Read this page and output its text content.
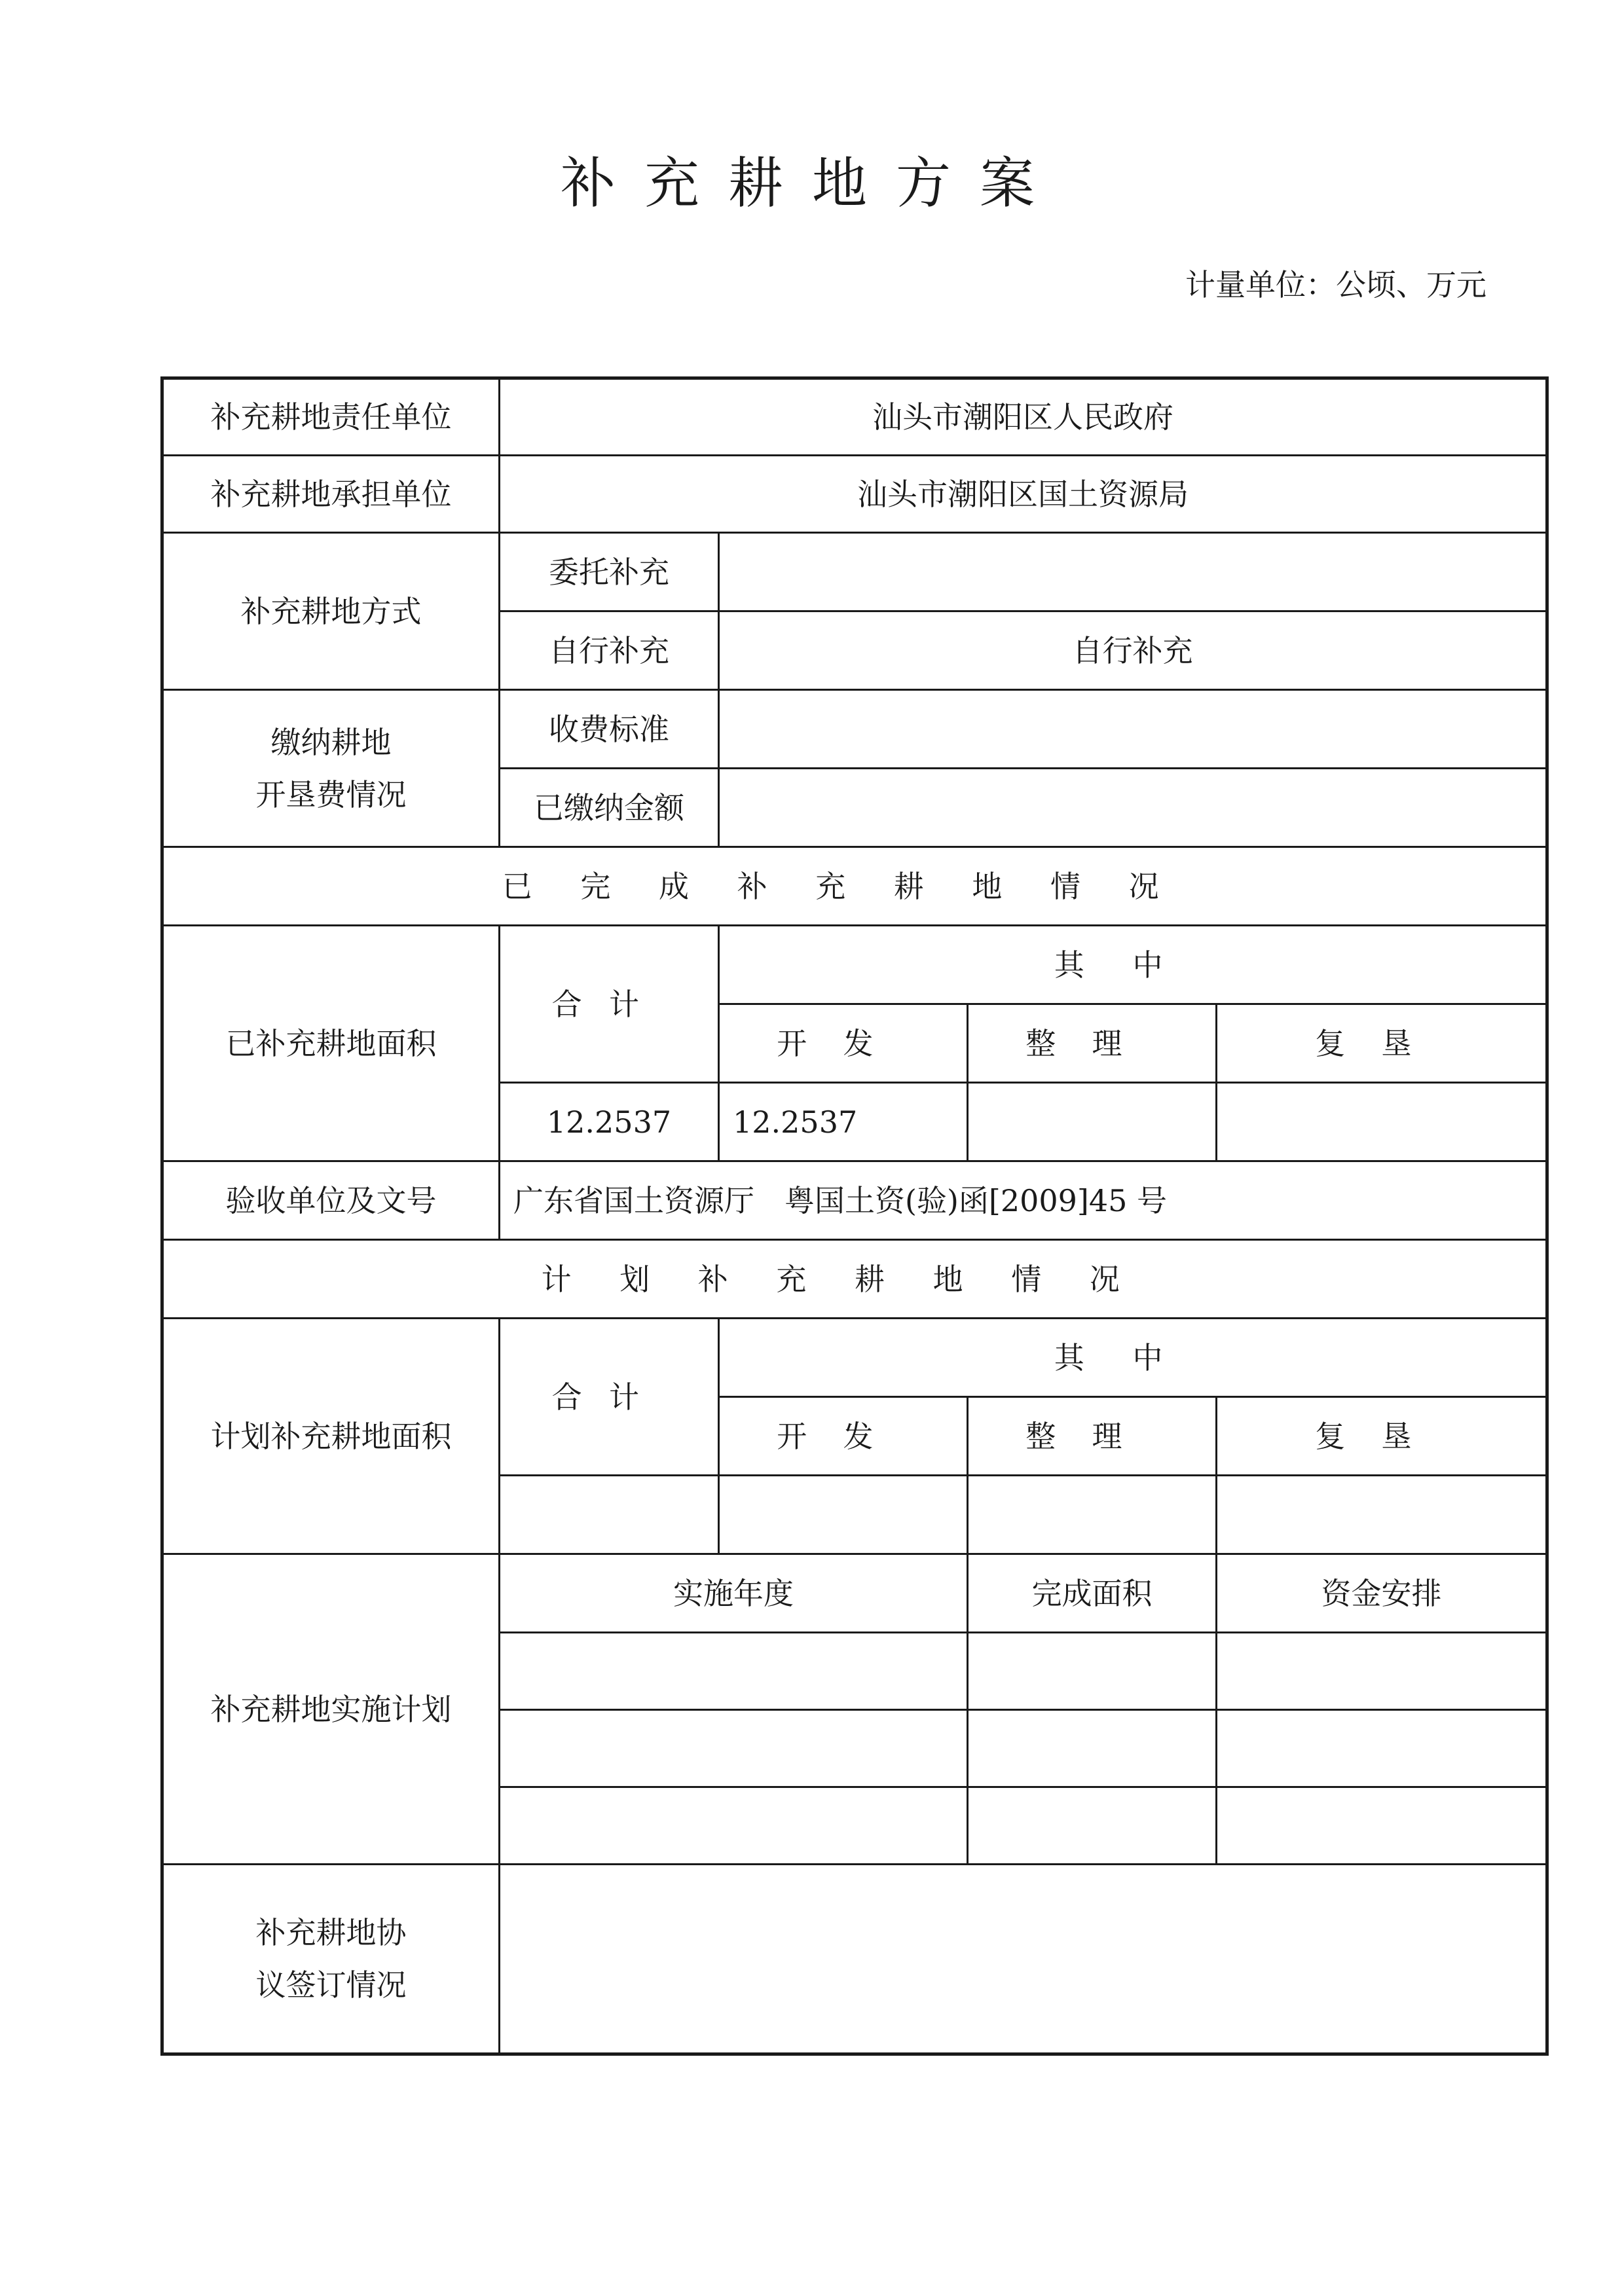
补充耕地方案
计量单位：公顷、万元
补充耕地责任单位	汕头市潮阳区人民政府			
补充耕地承担单位	汕头市潮阳区国土资源局			
补充耕地方式	委托补充			
	自行补充	自行补充		

缴纳耕地
开垦费情况	收费标准			
	已缴纳金额			
已完成补充耕地情况				
已补充耕地面积	合计	其中		
		开发	整理	复垦
	12.2537	12.2537		
验收单位及文号	广东省国土资源厅　粤国土资(验)函[2009]45 号			
计划补充耕地情况				
计划补充耕地面积	合计	其中		
		开发	整理	复垦

补充耕地实施计划	实施年度		完成面积	资金安排

补充耕地协
议签订情况				
